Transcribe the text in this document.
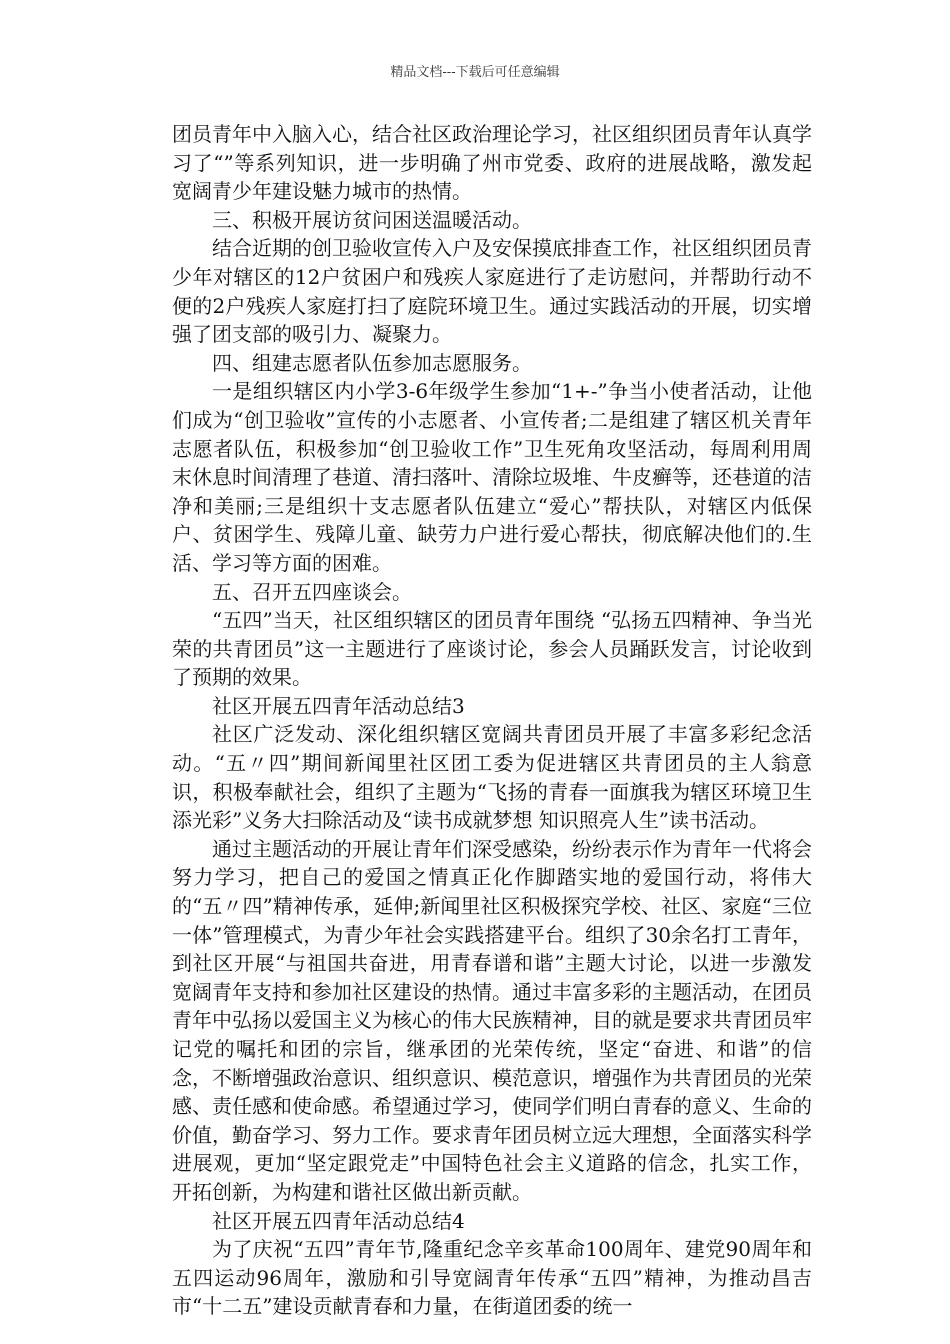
精品文档---下载后可任意编辑

团员青年中入脑入心，结合社区政治理论学习，社区组织团员青年认真学习了“”等系列知识，进一步明确了州市党委、政府的进展战略，激发起宽阔青少年建设魅力城市的热情。

三、积极开展访贫问困送温暖活动。

结合近期的创卫验收宣传入户及安保摸底排查工作，社区组织团员青少年对辖区的12户贫困户和残疾人家庭进行了走访慰问，并帮助行动不便的2户残疾人家庭打扫了庭院环境卫生。通过实践活动的开展，切实增强了团支部的吸引力、凝聚力。

四、组建志愿者队伍参加志愿服务。

一是组织辖区内小学3-6年级学生参加“1+-”争当小使者活动，让他们成为“创卫验收”宣传的小志愿者、小宣传者;二是组建了辖区机关青年志愿者队伍，积极参加“创卫验收工作”卫生死角攻坚活动，每周利用周末休息时间清理了巷道、清扫落叶、清除垃圾堆、牛皮癣等，还巷道的洁净和美丽;三是组织十支志愿者队伍建立“爱心”帮扶队，对辖区内低保户、贫困学生、残障儿童、缺劳力户进行爱心帮扶，彻底解决他们的.生活、学习等方面的困难。

五、召开五四座谈会。

“五四”当天，社区组织辖区的团员青年围绕 “弘扬五四精神、争当光荣的共青团员”这一主题进行了座谈讨论，参会人员踊跃发言，讨论收到了预期的效果。

社区开展五四青年活动总结3

社区广泛发动、深化组织辖区宽阔共青团员开展了丰富多彩纪念活动。“五〃四”期间新闻里社区团工委为促进辖区共青团员的主人翁意识，积极奉献社会，组织了主题为“飞扬的青春一面旗我为辖区环境卫生添光彩”义务大扫除活动及“读书成就梦想 知识照亮人生”读书活动。

通过主题活动的开展让青年们深受感染，纷纷表示作为青年一代将会努力学习，把自己的爱国之情真正化作脚踏实地的爱国行动，将伟大的“五〃四”精神传承，延伸;新闻里社区积极探究学校、社区、家庭“三位一体”管理模式，为青少年社会实践搭建平台。组织了30余名打工青年，到社区开展“与祖国共奋进，用青春谱和谐”主题大讨论，以进一步激发宽阔青年支持和参加社区建设的热情。通过丰富多彩的主题活动，在团员青年中弘扬以爱国主义为核心的伟大民族精神，目的就是要求共青团员牢记党的嘱托和团的宗旨，继承团的光荣传统，坚定“奋进、和谐”的信念，不断增强政治意识、组织意识、模范意识，增强作为共青团员的光荣感、责任感和使命感。希望通过学习，使同学们明白青春的意义、生命的价值，勤奋学习、努力工作。要求青年团员树立远大理想，全面落实科学进展观，更加“坚定跟党走”中国特色社会主义道路的信念，扎实工作，开拓创新，为构建和谐社区做出新贡献。

社区开展五四青年活动总结4

为了庆祝“五四”青年节,隆重纪念辛亥革命100周年、建党90周年和五四运动96周年，激励和引导宽阔青年传承“五四”精神，为推动昌吉市“十二五”建设贡献青春和力量，在街道团委的统一
